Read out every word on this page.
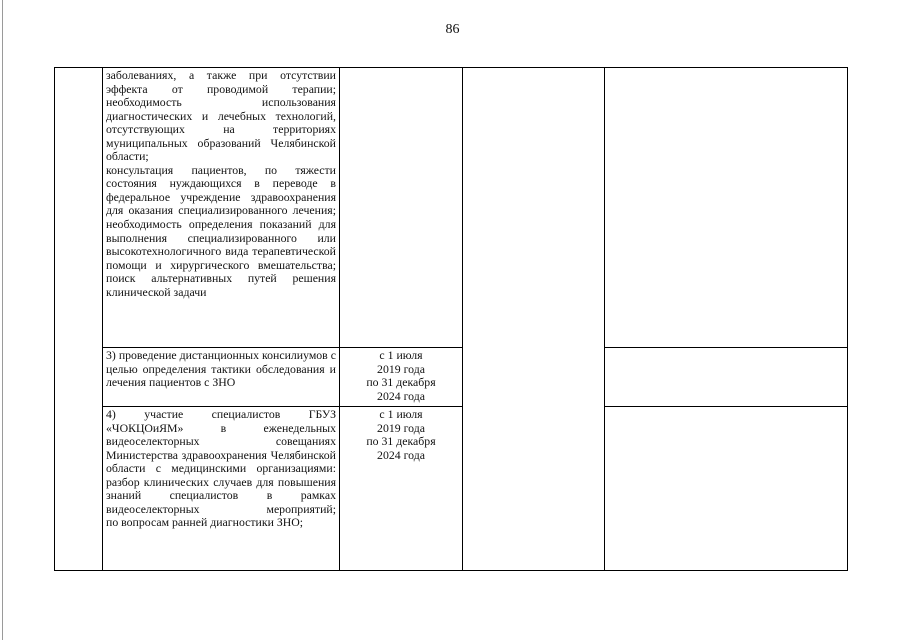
86

заболеваниях, а также при отсутствии эффекта от проводимой терапии;

необходимость использования диагностических и лечебных технологий, отсутствующих на территориях муниципальных образований Челябинской области;

консультация пациентов, по тяжести состояния нуждающихся в переводе в федеральное учреждение здравоохранения для оказания специализированного лечения;

необходимость определения показаний для выполнения специализированного или высокотехнологичного вида терапевтической помощи и хирургического вмешательства;

поиск альтернативных путей решения клинической задачи

3) проведение дистанционных консилиумов с целью определения тактики обследования и лечения пациентов с ЗНО

с 1 июля

2019 года

по 31 декабря

2024 года

4) участие специалистов ГБУЗ «ЧОКЦОиЯМ» в еженедельных видеоселекторных совещаниях Министерства здравоохранения Челябинской области с медицинскими организациями:

разбор клинических случаев для повышения знаний специалистов в рамках видеоселекторных мероприятий;

по вопросам ранней диагностики ЗНО;

с 1 июля

2019 года

по 31 декабря

2024 года
